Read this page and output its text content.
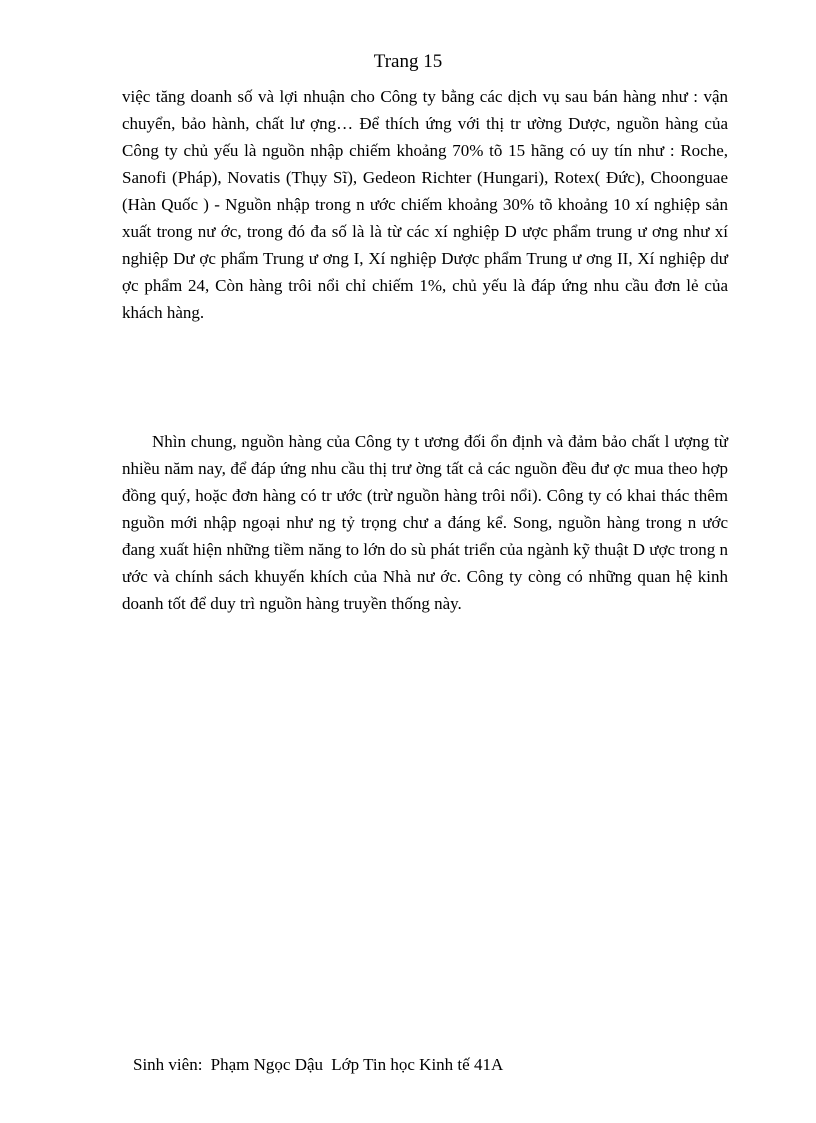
Trang 15

việc tăng doanh số và lợi nhuận cho Công ty bằng các dịch vụ sau bán hàng như : vận chuyển, bảo hành, chất lư ợng… Để thích ứng với thị tr ường Dược, nguồn hàng của Công ty chủ yếu là nguồn nhập chiếm khoảng 70% tõ 15 hãng có uy tín như : Roche, Sanofi (Pháp), Novatis (Thụy Sĩ), Gedeon Richter (Hungari), Rotex( Đức), Choonguae (Hàn Quốc ) - Nguồn nhập trong n ước chiếm khoảng 30% tõ khoảng 10 xí nghiệp sản xuất trong nư ớc, trong đó đa số là là từ các xí nghiệp D ược phẩm trung ư ơng như xí nghiệp Dư ợc phẩm Trung ư ơng I, Xí nghiệp Dược phẩm Trung ư ơng II, Xí nghiệp dư ợc phẩm 24, Còn hàng trôi nổi chỉ chiếm 1%, chủ yếu là đáp ứng nhu cầu đơn lẻ của khách hàng.

Nhìn chung, nguồn hàng của Công ty t ương đối ổn định và đảm bảo chất l ượng từ nhiều năm nay, để đáp ứng nhu cầu thị trư ờng tất cả các nguồn đều đư ợc mua theo hợp đồng quý, hoặc đơn hàng có tr ước (trừ nguồn hàng trôi nổi). Công ty có khai thác thêm nguồn mới nhập ngoại như ng tỷ trọng chư a đáng kể. Song, nguồn hàng trong n ước đang xuất hiện những tiềm năng to lớn do sù phát triển của ngành kỹ thuật D ược trong n ước và chính sách khuyến khích của Nhà nư ớc. Công ty còng có những quan hệ kinh doanh tốt để duy trì nguồn hàng truyền thống này.

Sinh viên: Phạm Ngọc Dậu Lớp Tin học Kinh tế 41A
